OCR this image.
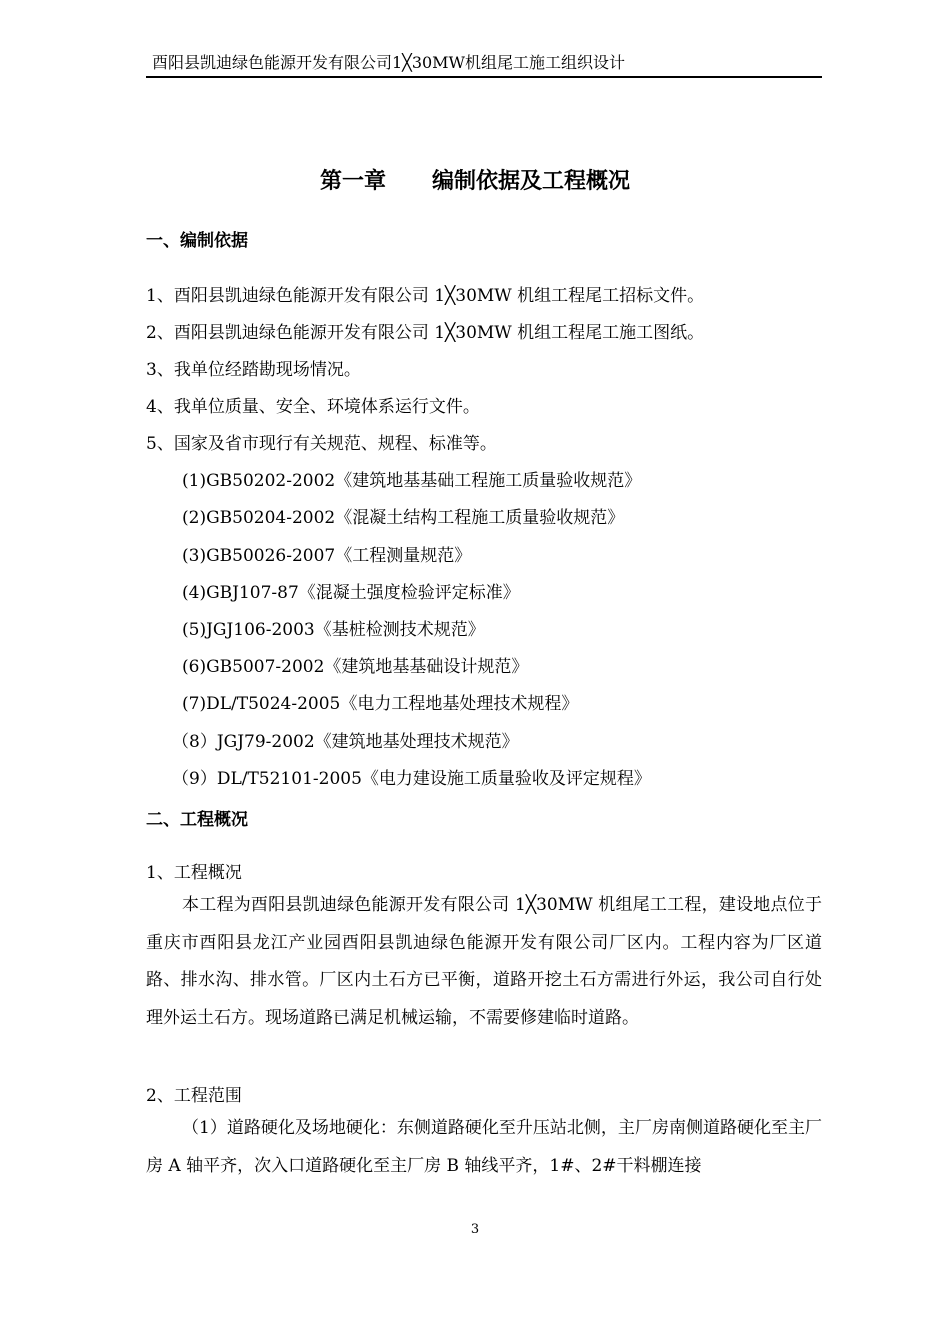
酉阳县凯迪绿色能源开发有限公司1╳30MW机组尾工施工组织设计
第一章      编制依据及工程概况
一、编制依据
1、酉阳县凯迪绿色能源开发有限公司 1╳30MW 机组工程尾工招标文件。
2、酉阳县凯迪绿色能源开发有限公司 1╳30MW 机组工程尾工施工图纸。
3、我单位经踏勘现场情况。
4、我单位质量、安全、环境体系运行文件。
5、国家及省市现行有关规范、规程、标准等。
(1)GB50202-2002《建筑地基基础工程施工质量验收规范》
(2)GB50204-2002《混凝土结构工程施工质量验收规范》
(3)GB50026-2007《工程测量规范》
(4)GBJ107-87《混凝土强度检验评定标准》
(5)JGJ106-2003《基桩检测技术规范》
(6)GB5007-2002《建筑地基基础设计规范》
(7)DL/T5024-2005《电力工程地基处理技术规程》
（8）JGJ79-2002《建筑地基处理技术规范》
（9）DL/T52101-2005《电力建设施工质量验收及评定规程》
二、工程概况
1、工程概况
本工程为酉阳县凯迪绿色能源开发有限公司 1╳30MW 机组尾工工程，建设地点位于重庆市酉阳县龙江产业园酉阳县凯迪绿色能源开发有限公司厂区内。工程内容为厂区道路、排水沟、排水管。厂区内土石方已平衡，道路开挖土石方需进行外运，我公司自行处理外运土石方。现场道路已满足机械运输，不需要修建临时道路。
2、工程范围
（1）道路硬化及场地硬化：东侧道路硬化至升压站北侧，主厂房南侧道路硬化至主厂房 A 轴平齐，次入口道路硬化至主厂房 B 轴线平齐，1#、2#干料棚连接
3
